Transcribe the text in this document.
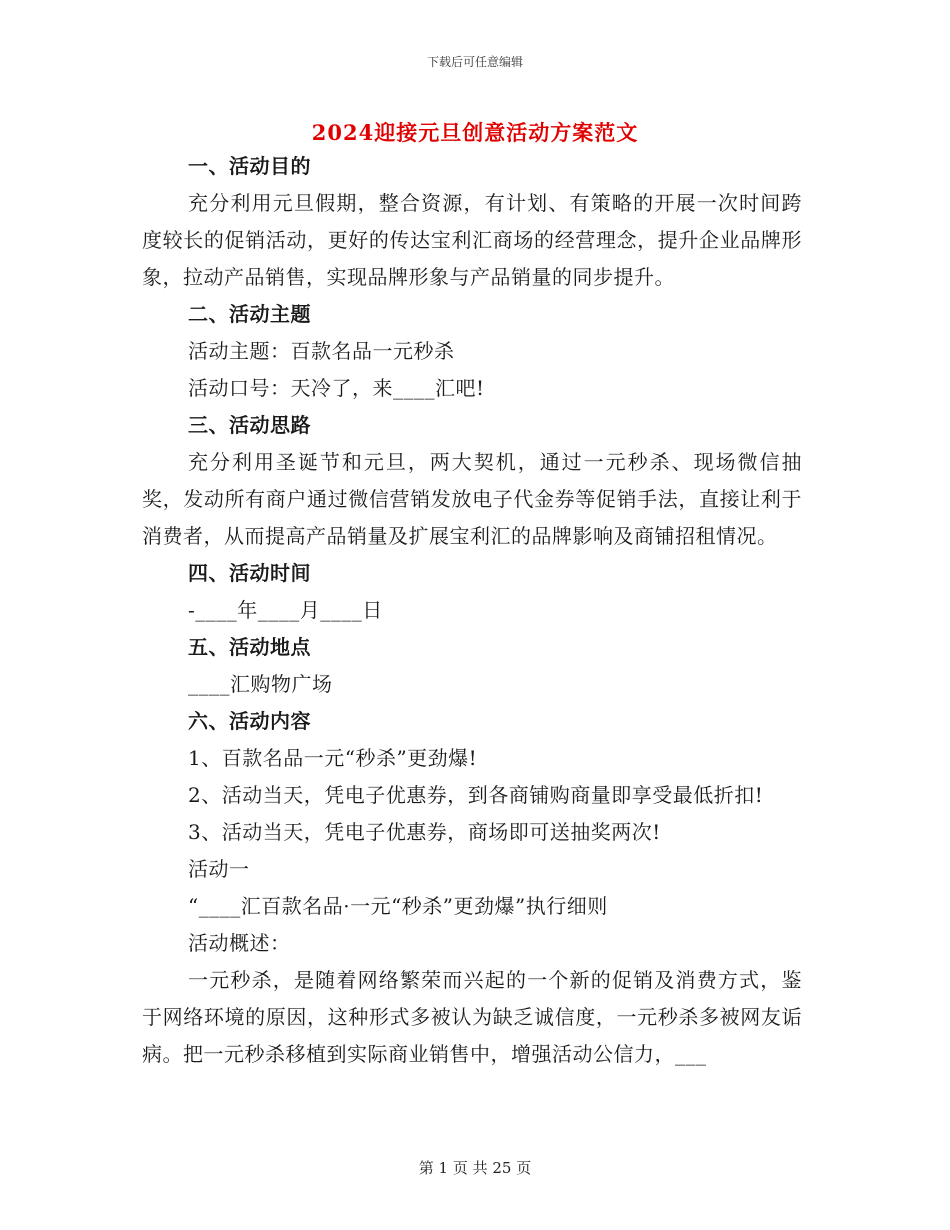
下载后可任意编辑
2024迎接元旦创意活动方案范文
一、活动目的
充分利用元旦假期，整合资源，有计划、有策略的开展一次时间跨度较长的促销活动，更好的传达宝利汇商场的经营理念，提升企业品牌形象，拉动产品销售，实现品牌形象与产品销量的同步提升。
二、活动主题
活动主题：百款名品一元秒杀
活动口号：天冷了，来____汇吧!
三、活动思路
充分利用圣诞节和元旦，两大契机，通过一元秒杀、现场微信抽奖，发动所有商户通过微信营销发放电子代金券等促销手法，直接让利于消费者，从而提高产品销量及扩展宝利汇的品牌影响及商铺招租情况。
四、活动时间
-____年____月____日
五、活动地点
____汇购物广场
六、活动内容
1、百款名品一元“秒杀”更劲爆!
2、活动当天，凭电子优惠券，到各商铺购商量即享受最低折扣!
3、活动当天，凭电子优惠券，商场即可送抽奖两次!
活动一
“____汇百款名品·一元“秒杀”更劲爆”执行细则
活动概述：
一元秒杀，是随着网络繁荣而兴起的一个新的促销及消费方式，鉴于网络环境的原因，这种形式多被认为缺乏诚信度，一元秒杀多被网友诟病。把一元秒杀移植到实际商业销售中，增强活动公信力，___
第 1 页 共 25 页
